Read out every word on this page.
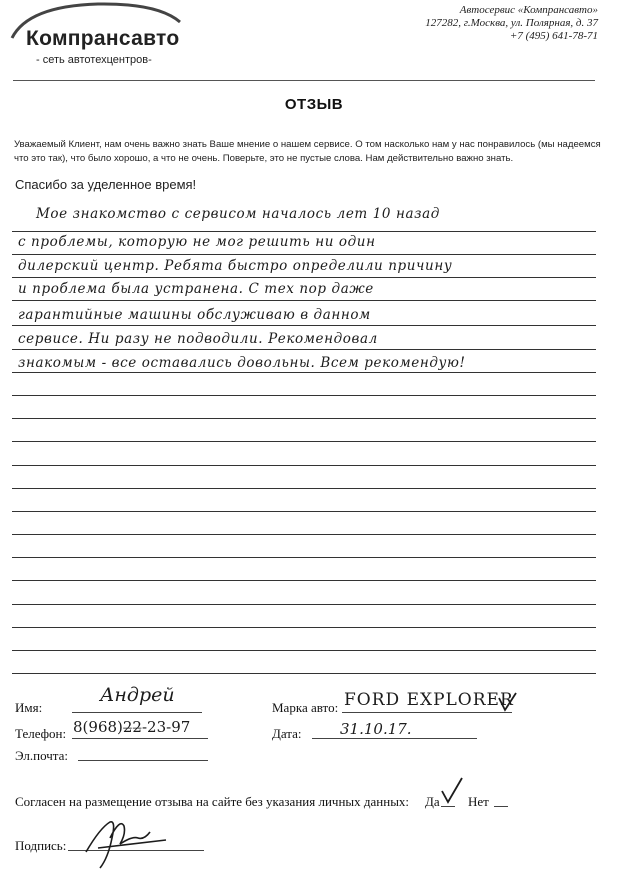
Компрансавто
- сеть автотехцентров-
Автосервис «Компрансавто»
127282, г.Москва, ул. Полярная, д. 37
+7 (495) 641-78-71
ОТЗЫВ
Уважаемый Клиент, нам очень важно знать Ваше мнение о нашем сервисе. О том насколько нам у нас понравилось (мы надеемся что это так), что было хорошо, а что не очень. Поверьте, это не пустые слова. Нам действительно важно знать.
Спасибо за уделенное время!
Мое знакомство с сервисом началось лет 10 назад
с проблемы, которую не мог решить ни один
дилерский центр. Ребята быстро определили причину
и проблема была устранена. С тех пор даже
гарантийные машины обслуживаю в данном
сервисе. Ни разу не подводили. Рекомендовал
знакомым - все оставались довольны. Всем рекомендую!
Имя:
Андрей
Марка авто: FORD EXPLORER
Телефон: 8(968)2̶2̶-23-97	Дата:	31.10.17.
Эл.почта:
Согласен на размещение отзыва на сайте без указания личных данных: Да Нет
Подпись:
